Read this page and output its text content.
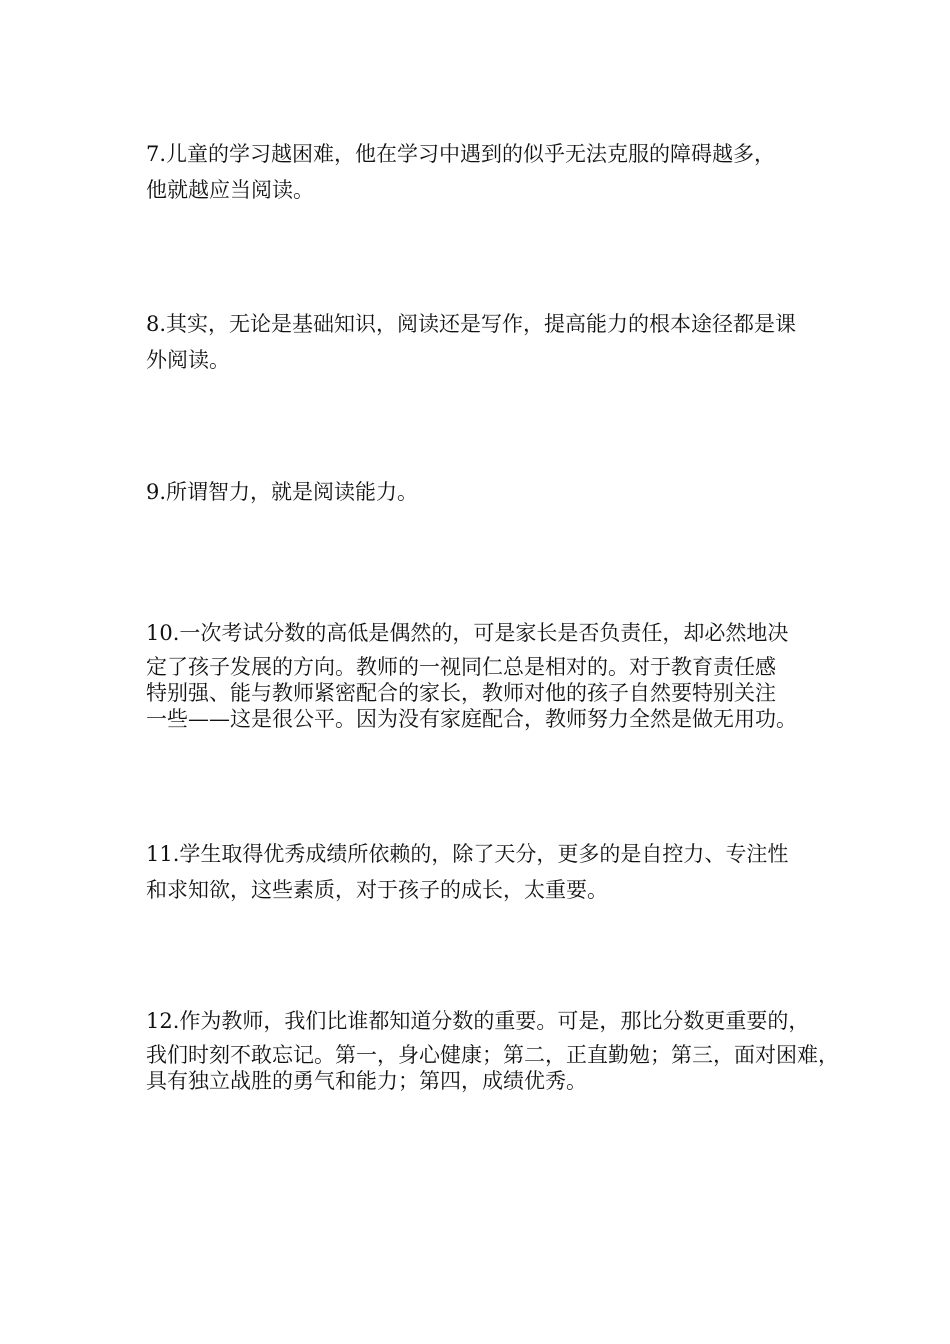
7.儿童的学习越困难，他在学习中遇到的似乎无法克服的障碍越多，
他就越应当阅读。

8.其实，无论是基础知识，阅读还是写作，提高能力的根本途径都是课
外阅读。

9.所谓智力，就是阅读能力。

10.一次考试分数的高低是偶然的，可是家长是否负责任，却必然地决
定了孩子发展的方向。教师的一视同仁总是相对的。对于教育责任感
特别强、能与教师紧密配合的家长，教师对他的孩子自然要特别关注
一些——这是很公平。因为没有家庭配合，教师努力全然是做无用功。

11.学生取得优秀成绩所依赖的，除了天分，更多的是自控力、专注性
和求知欲，这些素质，对于孩子的成长，太重要。

12.作为教师，我们比谁都知道分数的重要。可是，那比分数更重要的，
我们时刻不敢忘记。第一，身心健康；第二，正直勤勉；第三，面对困难，
具有独立战胜的勇气和能力；第四，成绩优秀。
